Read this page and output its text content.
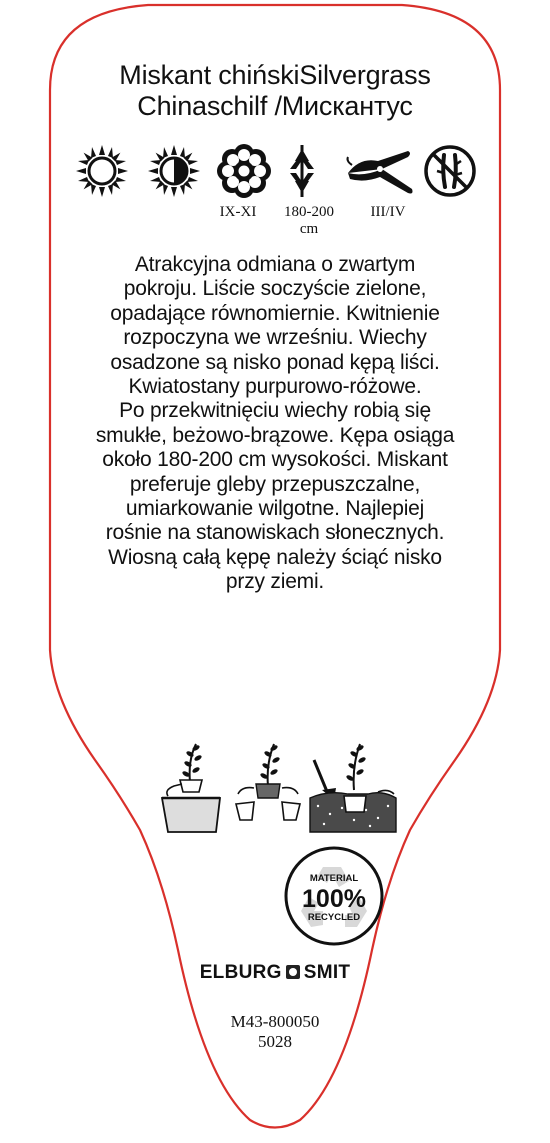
Miskant chińskiSilvergrass
Chinaschilf /Мискантус
IX-XI	180-200
cm
III/IV
Atrakcyjna odmiana o zwartym
pokroju. Liście soczyście zielone,
opadające równomiernie. Kwitnienie
rozpoczyna we wrześniu. Wiechy
osadzone są nisko ponad kępą liści.
Kwiatostany purpurowo-różowe.
Po przekwitnięciu wiechy robią się
smukłe, beżowo-brązowe. Kępa osiąga
około 180-200 cm wysokości. Miskant
preferuje gleby przepuszczalne,
umiarkowanie wilgotne. Najlepiej
rośnie na stanowiskach słonecznych.
Wiosną całą kępę należy ściąć nisko
przy ziemi.
MATERIAL
100%
RECYCLED
ELBURG SMIT
M43-800050
5028
